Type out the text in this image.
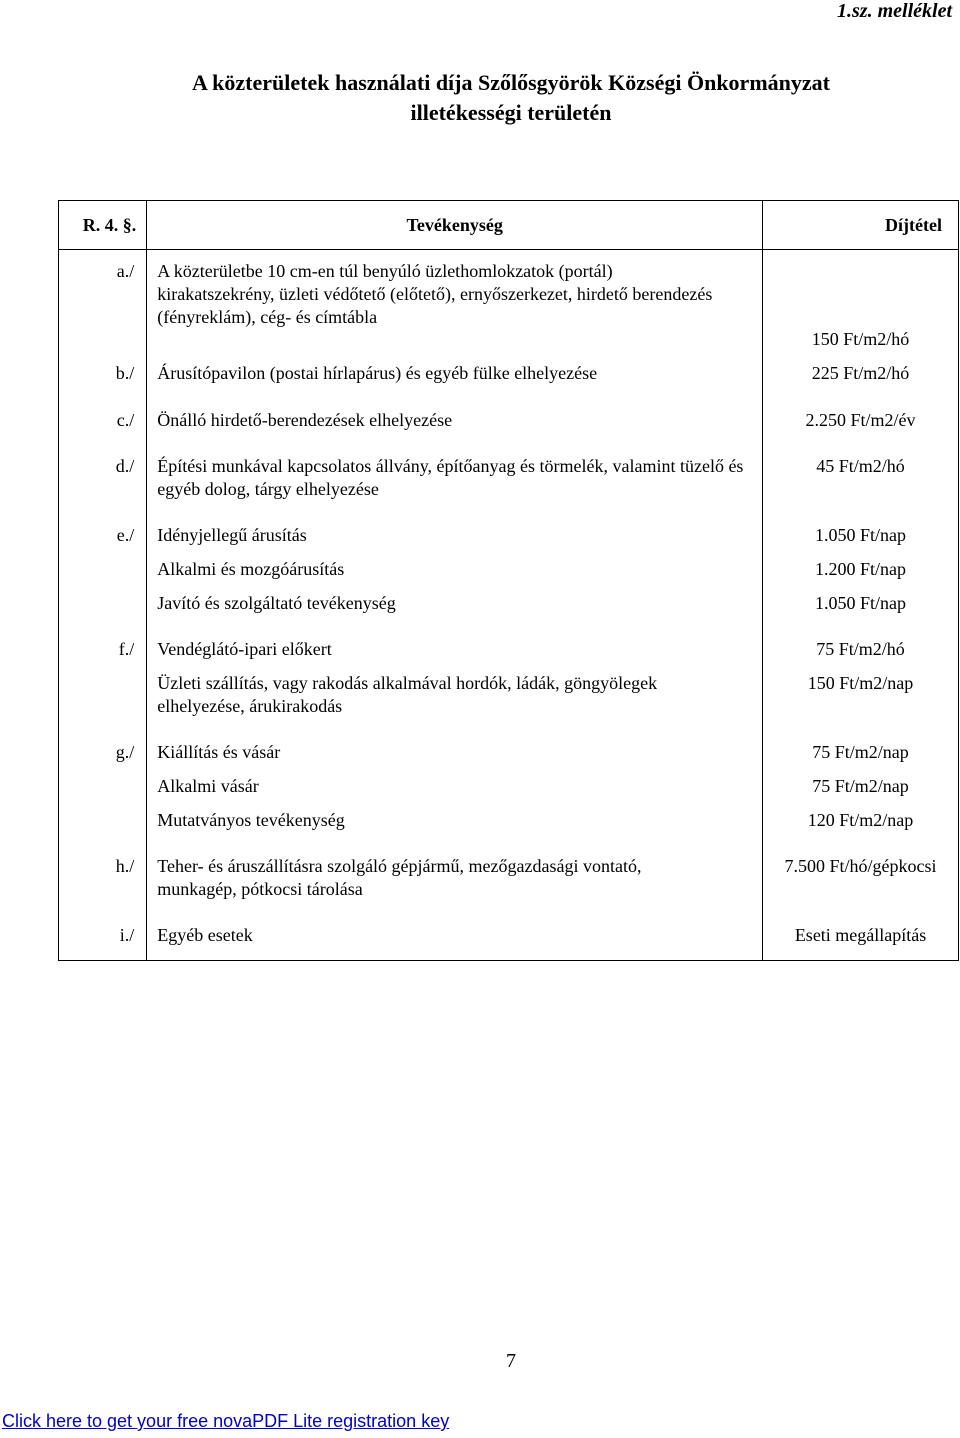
1.sz. melléklet
A közterületek használati díja Szőlősgyörök Községi Önkormányzat
illetékességi területén
R. 4. §.	Tevékenység	Díjtétel
a./	A közterületbe 10 cm-en túl benyúló üzlethomlokzatok (portál) kirakatszekrény, üzleti védőtető (előtető), ernyőszerkezet, hirdető berendezés (fényreklám), cég- és címtábla	150 Ft/m2/hó

b./	Árusítópavilon (postai hírlapárus) és egyéb fülke elhelyezése	225 Ft/m2/hó

c./	Önálló hirdető-berendezések elhelyezése	2.250 Ft/m2/év

d./	Építési munkával kapcsolatos állvány, építőanyag és törmelék, valamint tüzelő és egyéb dolog, tárgy elhelyezése	45 Ft/m2/hó

e./	Idényjellegű árusítás	1.050 Ft/nap

	Alkalmi és mozgóárusítás	1.200 Ft/nap

	Javító és szolgáltató tevékenység	1.050 Ft/nap

f./	Vendéglátó-ipari előkert	75 Ft/m2/hó

	Üzleti szállítás, vagy rakodás alkalmával hordók, ládák, göngyölegek elhelyezése, árukirakodás	150 Ft/m2/nap

g./	Kiállítás és vásár	75 Ft/m2/nap

	Alkalmi vásár	75 Ft/m2/nap

	Mutatványos tevékenység	120 Ft/m2/nap

h./	Teher- és áruszállításra szolgáló gépjármű, mezőgazdasági vontató, munkagép, pótkocsi tárolása	7.500 Ft/hó/gépkocsi

i./	Egyéb esetek	Eseti megállapítás
7
Click here to get your free novaPDF Lite registration key
